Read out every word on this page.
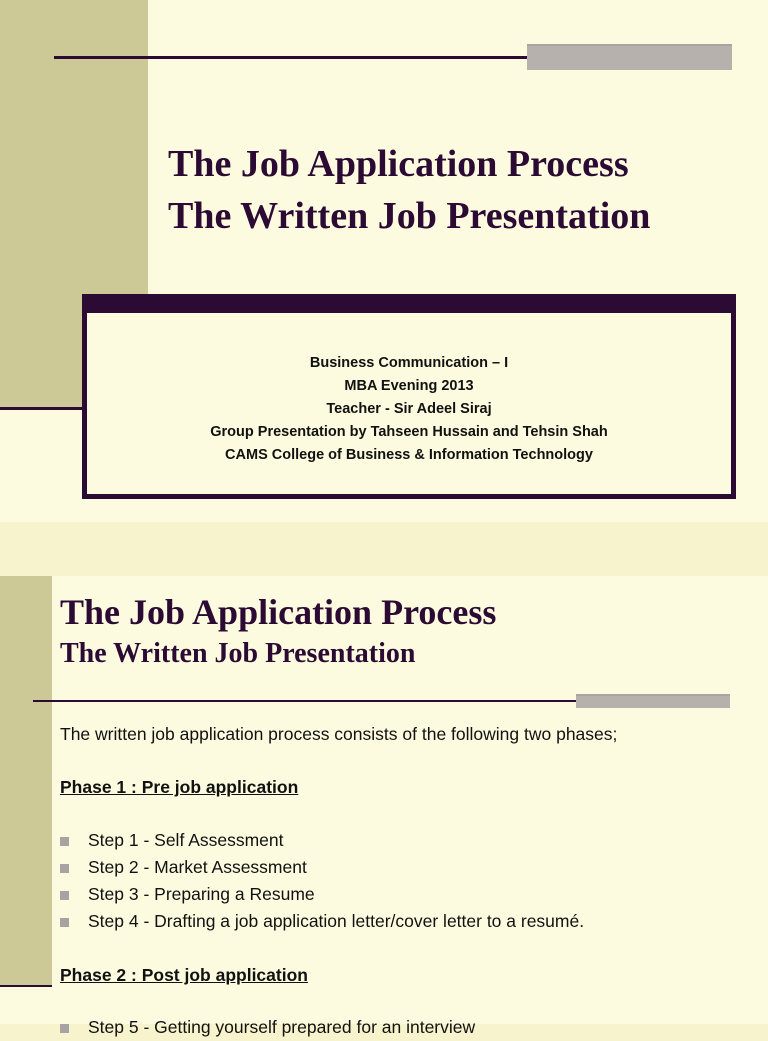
The Job Application Process
The Written Job Presentation
Business Communication – I
MBA Evening 2013
Teacher - Sir Adeel Siraj
Group Presentation by Tahseen Hussain and Tehsin Shah
CAMS College of Business & Information Technology
The Job Application Process
The Written Job Presentation
The written job application process consists of the following two phases;
Phase 1 : Pre job application
Step 1 - Self Assessment
Step 2 - Market Assessment
Step 3 - Preparing a Resume
Step 4 - Drafting a job application letter/cover letter to a resumé.
Phase 2 : Post job application
Step 5 - Getting yourself prepared for an interview
